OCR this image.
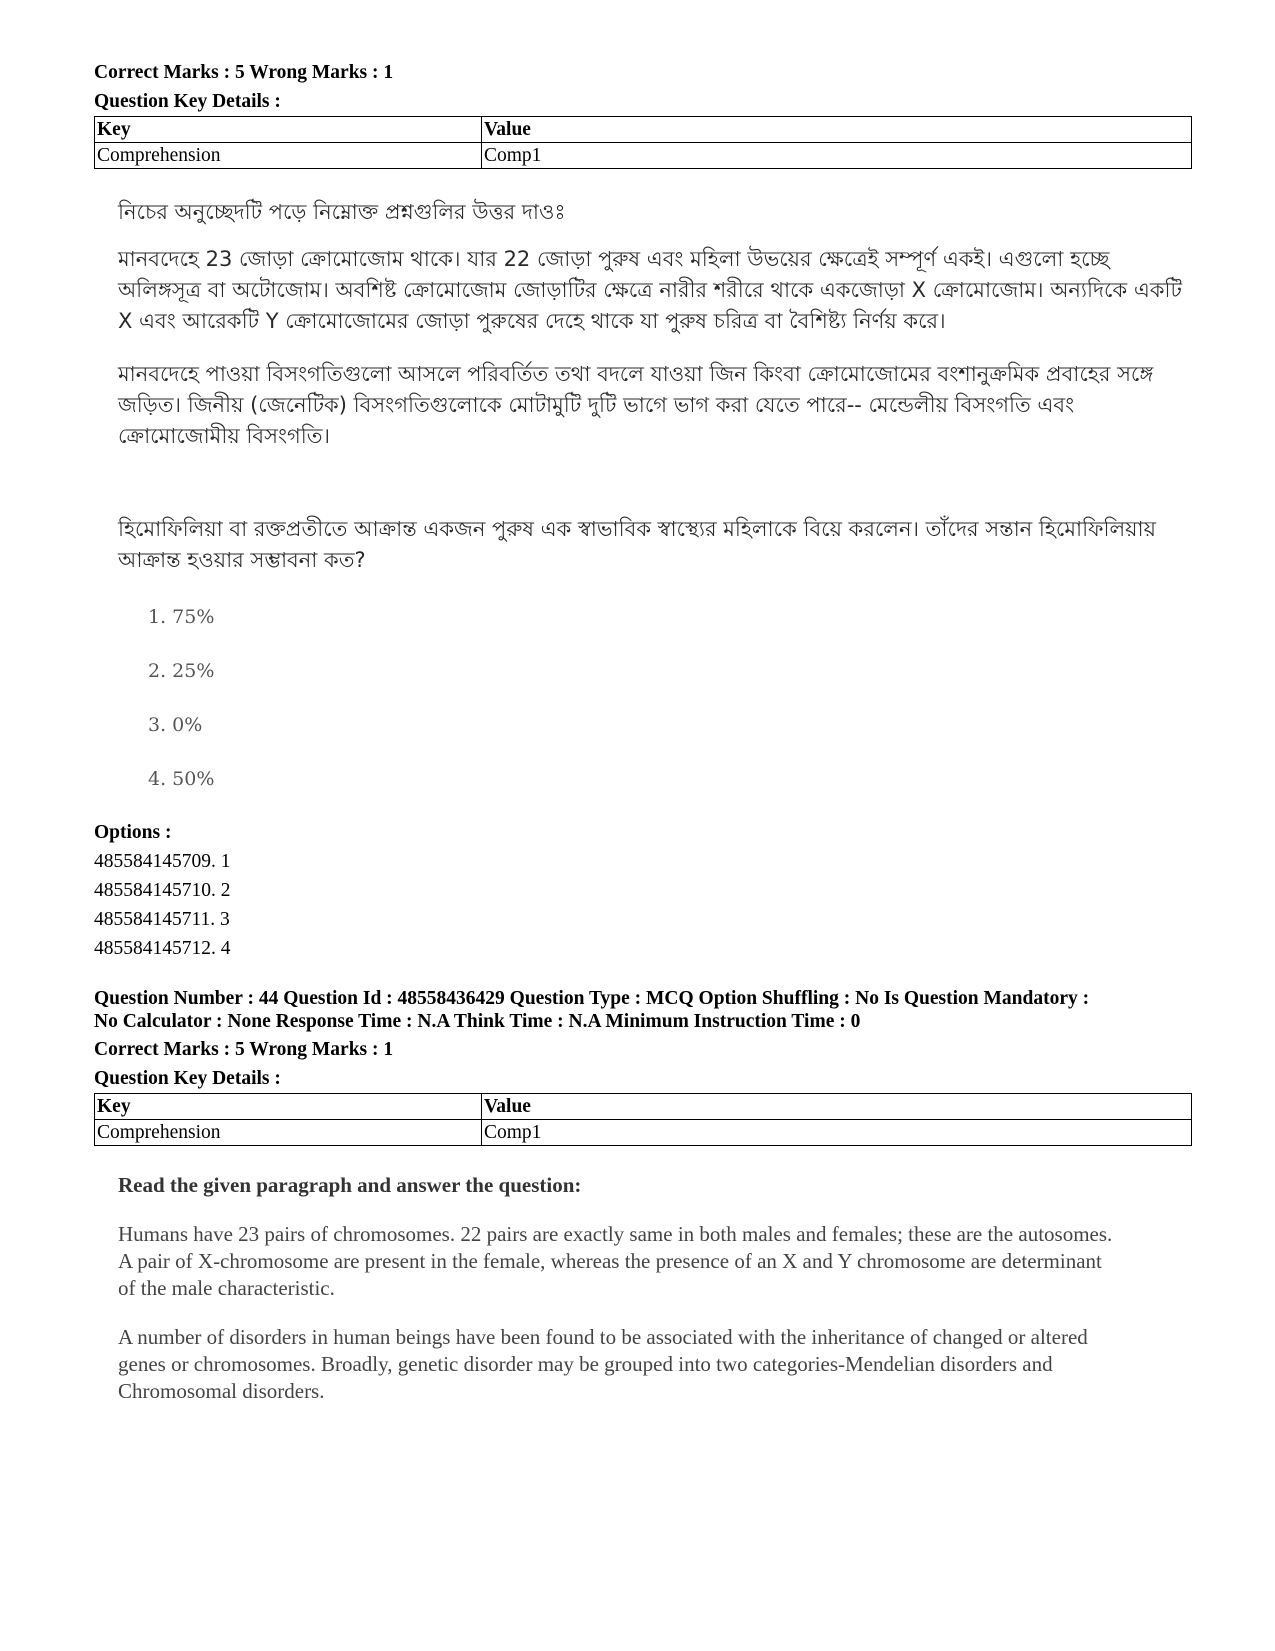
Correct Marks : 5 Wrong Marks : 1
Question Key Details :
Key	Value
Comprehension	Comp1

নিচের অনুচ্ছেদটি পড়ে নিম্নোক্ত প্রশ্নগুলির উত্তর দাওঃ

মানবদেহে 23 জোড়া ক্রোমোজোম থাকে। যার 22 জোড়া পুরুষ এবং মহিলা উভয়ের ক্ষেত্রেই সম্পূর্ণ একই। এগুলো হচ্ছে অলিঙ্গসূত্র বা অটোজোম। অবশিষ্ট ক্রোমোজোম জোড়াটির ক্ষেত্রে নারীর শরীরে থাকে একজোড়া X ক্রোমোজোম। অন্যদিকে একটি X এবং আরেকটি Y ক্রোমোজোমের জোড়া পুরুষের দেহে থাকে যা পুরুষ চরিত্র বা বৈশিষ্ট্য নির্ণয় করে।

মানবদেহে পাওয়া বিসংগতিগুলো আসলে পরিবর্তিত তথা বদলে যাওয়া জিন কিংবা ক্রোমোজোমের বংশানুক্রমিক প্রবাহের সঙ্গে জড়িত। জিনীয় (জেনেটিক) বিসংগতিগুলোকে মোটামুটি দুটি ভাগে ভাগ করা যেতে পারে-- মেন্ডেলীয় বিসংগতি এবং ক্রোমোজোমীয় বিসংগতি।

হিমোফিলিয়া বা রক্তপ্রতীতে আক্রান্ত একজন পুরুষ এক স্বাভাবিক স্বাস্থ্যের মহিলাকে বিয়ে করলেন। তাঁদের সন্তান হিমোফিলিয়ায় আক্রান্ত হওয়ার সম্ভাবনা কত?

1. 75%
2. 25%
3. 0%
4. 50%
Options :
485584145709. 1
485584145710. 2
485584145711. 3
485584145712. 4
Question Number : 44 Question Id : 48558436429 Question Type : MCQ Option Shuffling : No Is Question Mandatory :
No Calculator : None Response Time : N.A Think Time : N.A Minimum Instruction Time : 0
Correct Marks : 5 Wrong Marks : 1
Question Key Details :
Key	Value
Comprehension	Comp1

Read the given paragraph and answer the question:

Humans have 23 pairs of chromosomes. 22 pairs are exactly same in both males and females; these are the autosomes. A pair of X-chromosome are present in the female, whereas the presence of an X and Y chromosome are determinant of the male characteristic.

A number of disorders in human beings have been found to be associated with the inheritance of changed or altered genes or chromosomes. Broadly, genetic disorder may be grouped into two categories-Mendelian disorders and Chromosomal disorders.
